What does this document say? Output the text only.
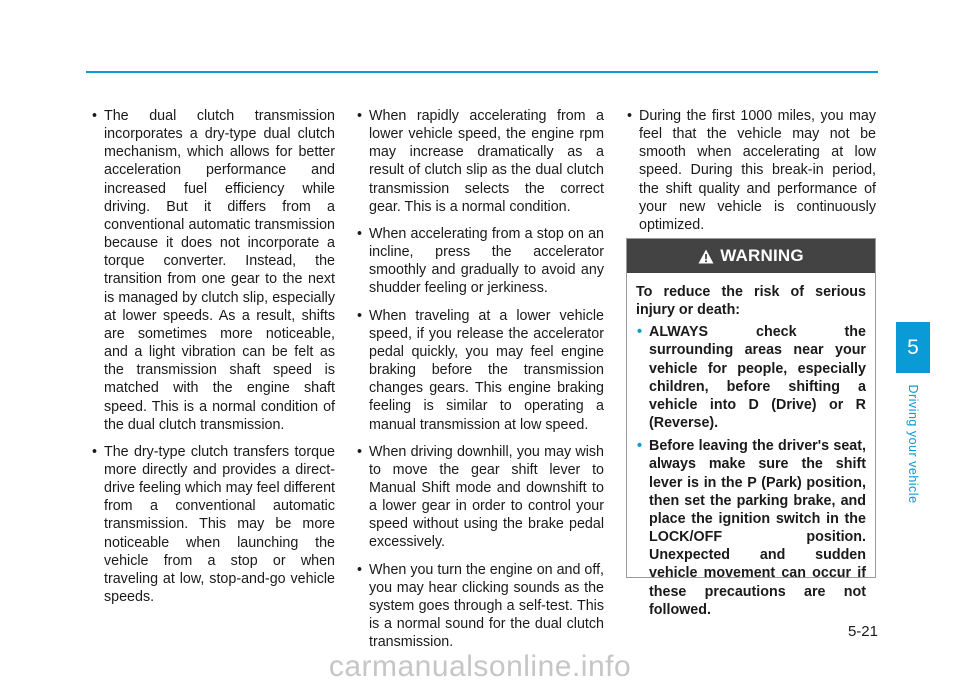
• The dual clutch transmission incorporates a dry-type dual clutch mechanism, which allows for better acceleration performance and increased fuel efficiency while driving. But it differs from a conventional automatic transmission because it does not incorporate a torque converter. Instead, the transition from one gear to the next is managed by clutch slip, especially at lower speeds. As a result, shifts are sometimes more noticeable, and a light vibration can be felt as the transmission shaft speed is matched with the engine shaft speed. This is a normal condition of the dual clutch transmission.
• The dry-type clutch transfers torque more directly and provides a direct-drive feeling which may feel different from a conventional automatic transmission. This may be more noticeable when launching the vehicle from a stop or when traveling at low, stop-and-go vehicle speeds.
• When rapidly accelerating from a lower vehicle speed, the engine rpm may increase dramatically as a result of clutch slip as the dual clutch transmission selects the correct gear. This is a normal condition.
• When accelerating from a stop on an incline, press the accelerator smoothly and gradually to avoid any shudder feeling or jerkiness.
• When traveling at a lower vehicle speed, if you release the accelerator pedal quickly, you may feel engine braking before the transmission changes gears. This engine braking feeling is similar to operating a manual transmission at low speed.
• When driving downhill, you may wish to move the gear shift lever to Manual Shift mode and downshift to a lower gear in order to control your speed without using the brake pedal excessively.
• When you turn the engine on and off, you may hear clicking sounds as the system goes through a self-test. This is a normal sound for the dual clutch transmission.
• During the first 1000 miles, you may feel that the vehicle may not be smooth when accelerating at low speed. During this break-in period, the shift quality and performance of your new vehicle is continuously optimized.
WARNING

To reduce the risk of serious injury or death:

• ALWAYS check the surrounding areas near your vehicle for people, especially children, before shifting a vehicle into D (Drive) or R (Reverse).
• Before leaving the driver's seat, always make sure the shift lever is in the P (Park) position, then set the parking brake, and place the ignition switch in the LOCK/OFF position. Unexpected and sudden vehicle movement can occur if these precautions are not followed.
5
Driving your vehicle
5-21
carmanualsonline.info
